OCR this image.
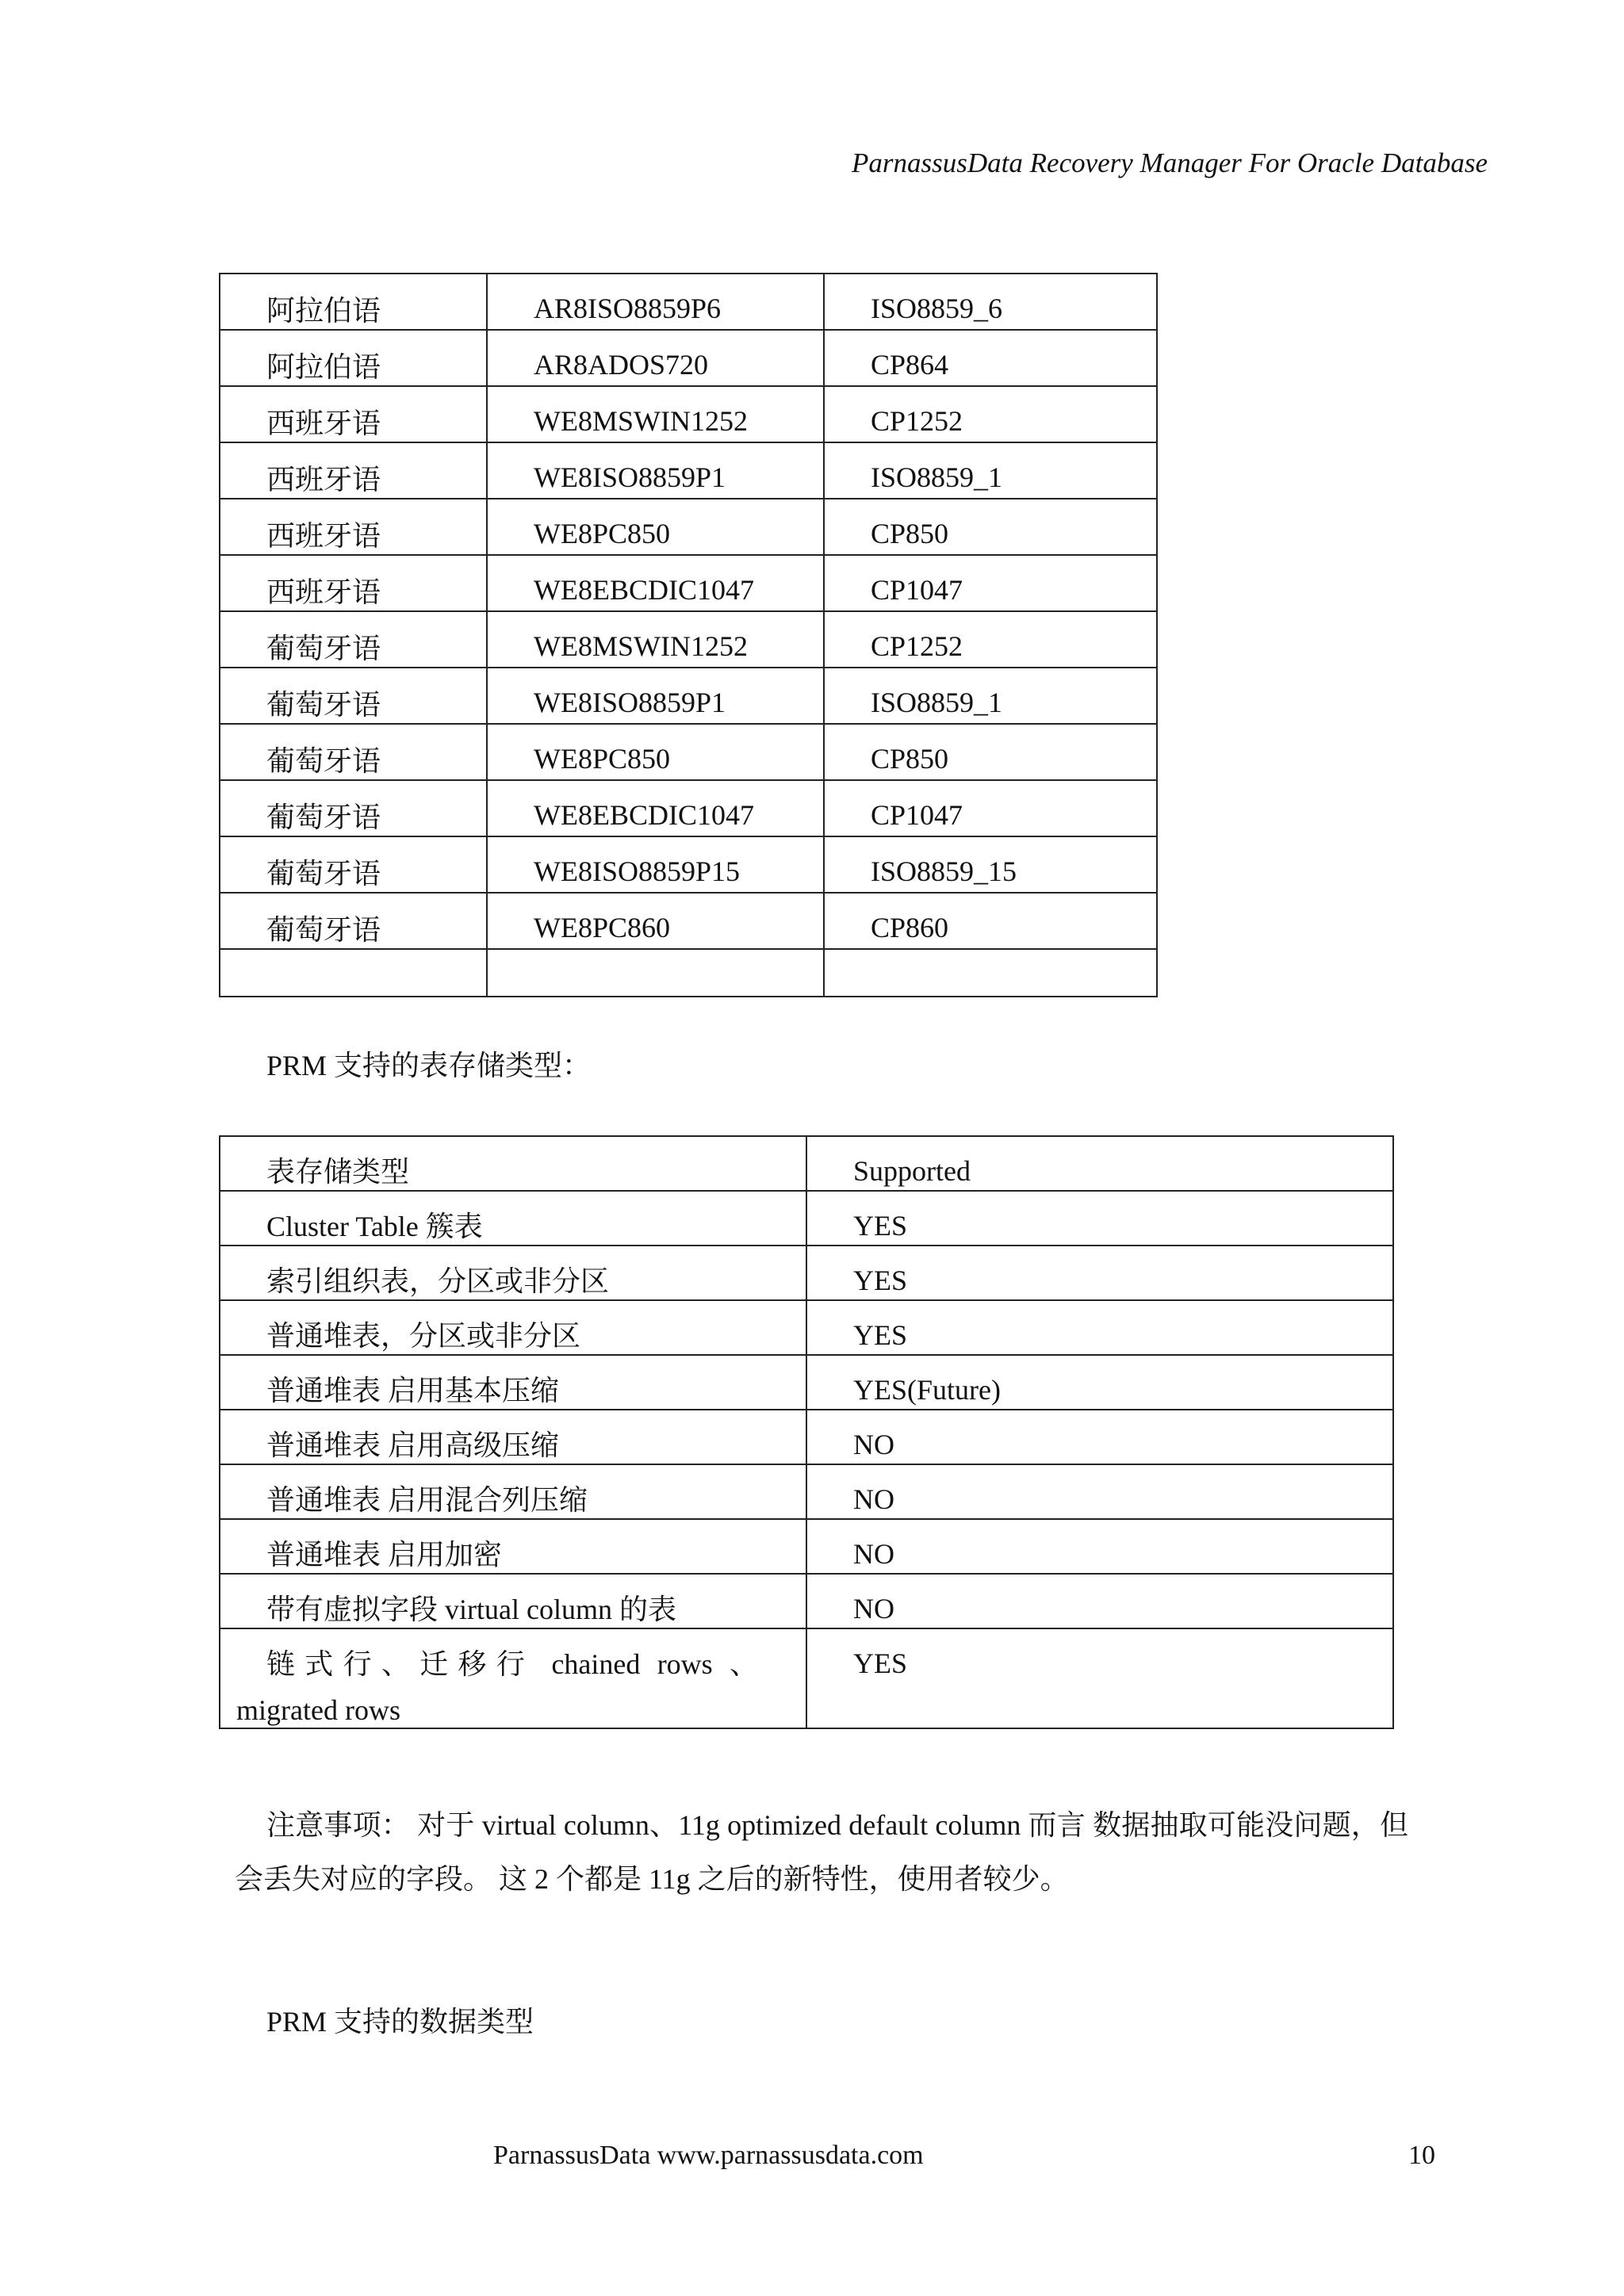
ParnassusData Recovery Manager For Oracle Database
阿拉伯语	AR8ISO8859P6	ISO8859_6
阿拉伯语	AR8ADOS720	CP864
西班牙语	WE8MSWIN1252	CP1252
西班牙语	WE8ISO8859P1	ISO8859_1
西班牙语	WE8PC850	CP850
西班牙语	WE8EBCDIC1047	CP1047
葡萄牙语	WE8MSWIN1252	CP1252
葡萄牙语	WE8ISO8859P1	ISO8859_1
葡萄牙语	WE8PC850	CP850
葡萄牙语	WE8EBCDIC1047	CP1047
葡萄牙语	WE8ISO8859P15	ISO8859_15
葡萄牙语	WE8PC860	CP860

PRM 支持的表存储类型：
表存储类型	Supported
Cluster Table 簇表	YES
索引组织表，分区或非分区	YES
普通堆表，分区或非分区	YES
普通堆表 启用基本压缩	YES(Future)
普通堆表 启用高级压缩	NO
普通堆表 启用混合列压缩	NO
普通堆表 启用加密	NO
带有虚拟字段 virtual column 的表	NO

链式行、迁移行 chained rows 、
migrated rows	YES
注意事项： 对于 virtual column、11g optimized default column 而言 数据抽取可能没问题，但会丢失对应的字段。 这 2 个都是 11g 之后的新特性，使用者较少。
PRM 支持的数据类型
ParnassusData www.parnassusdata.com	10
